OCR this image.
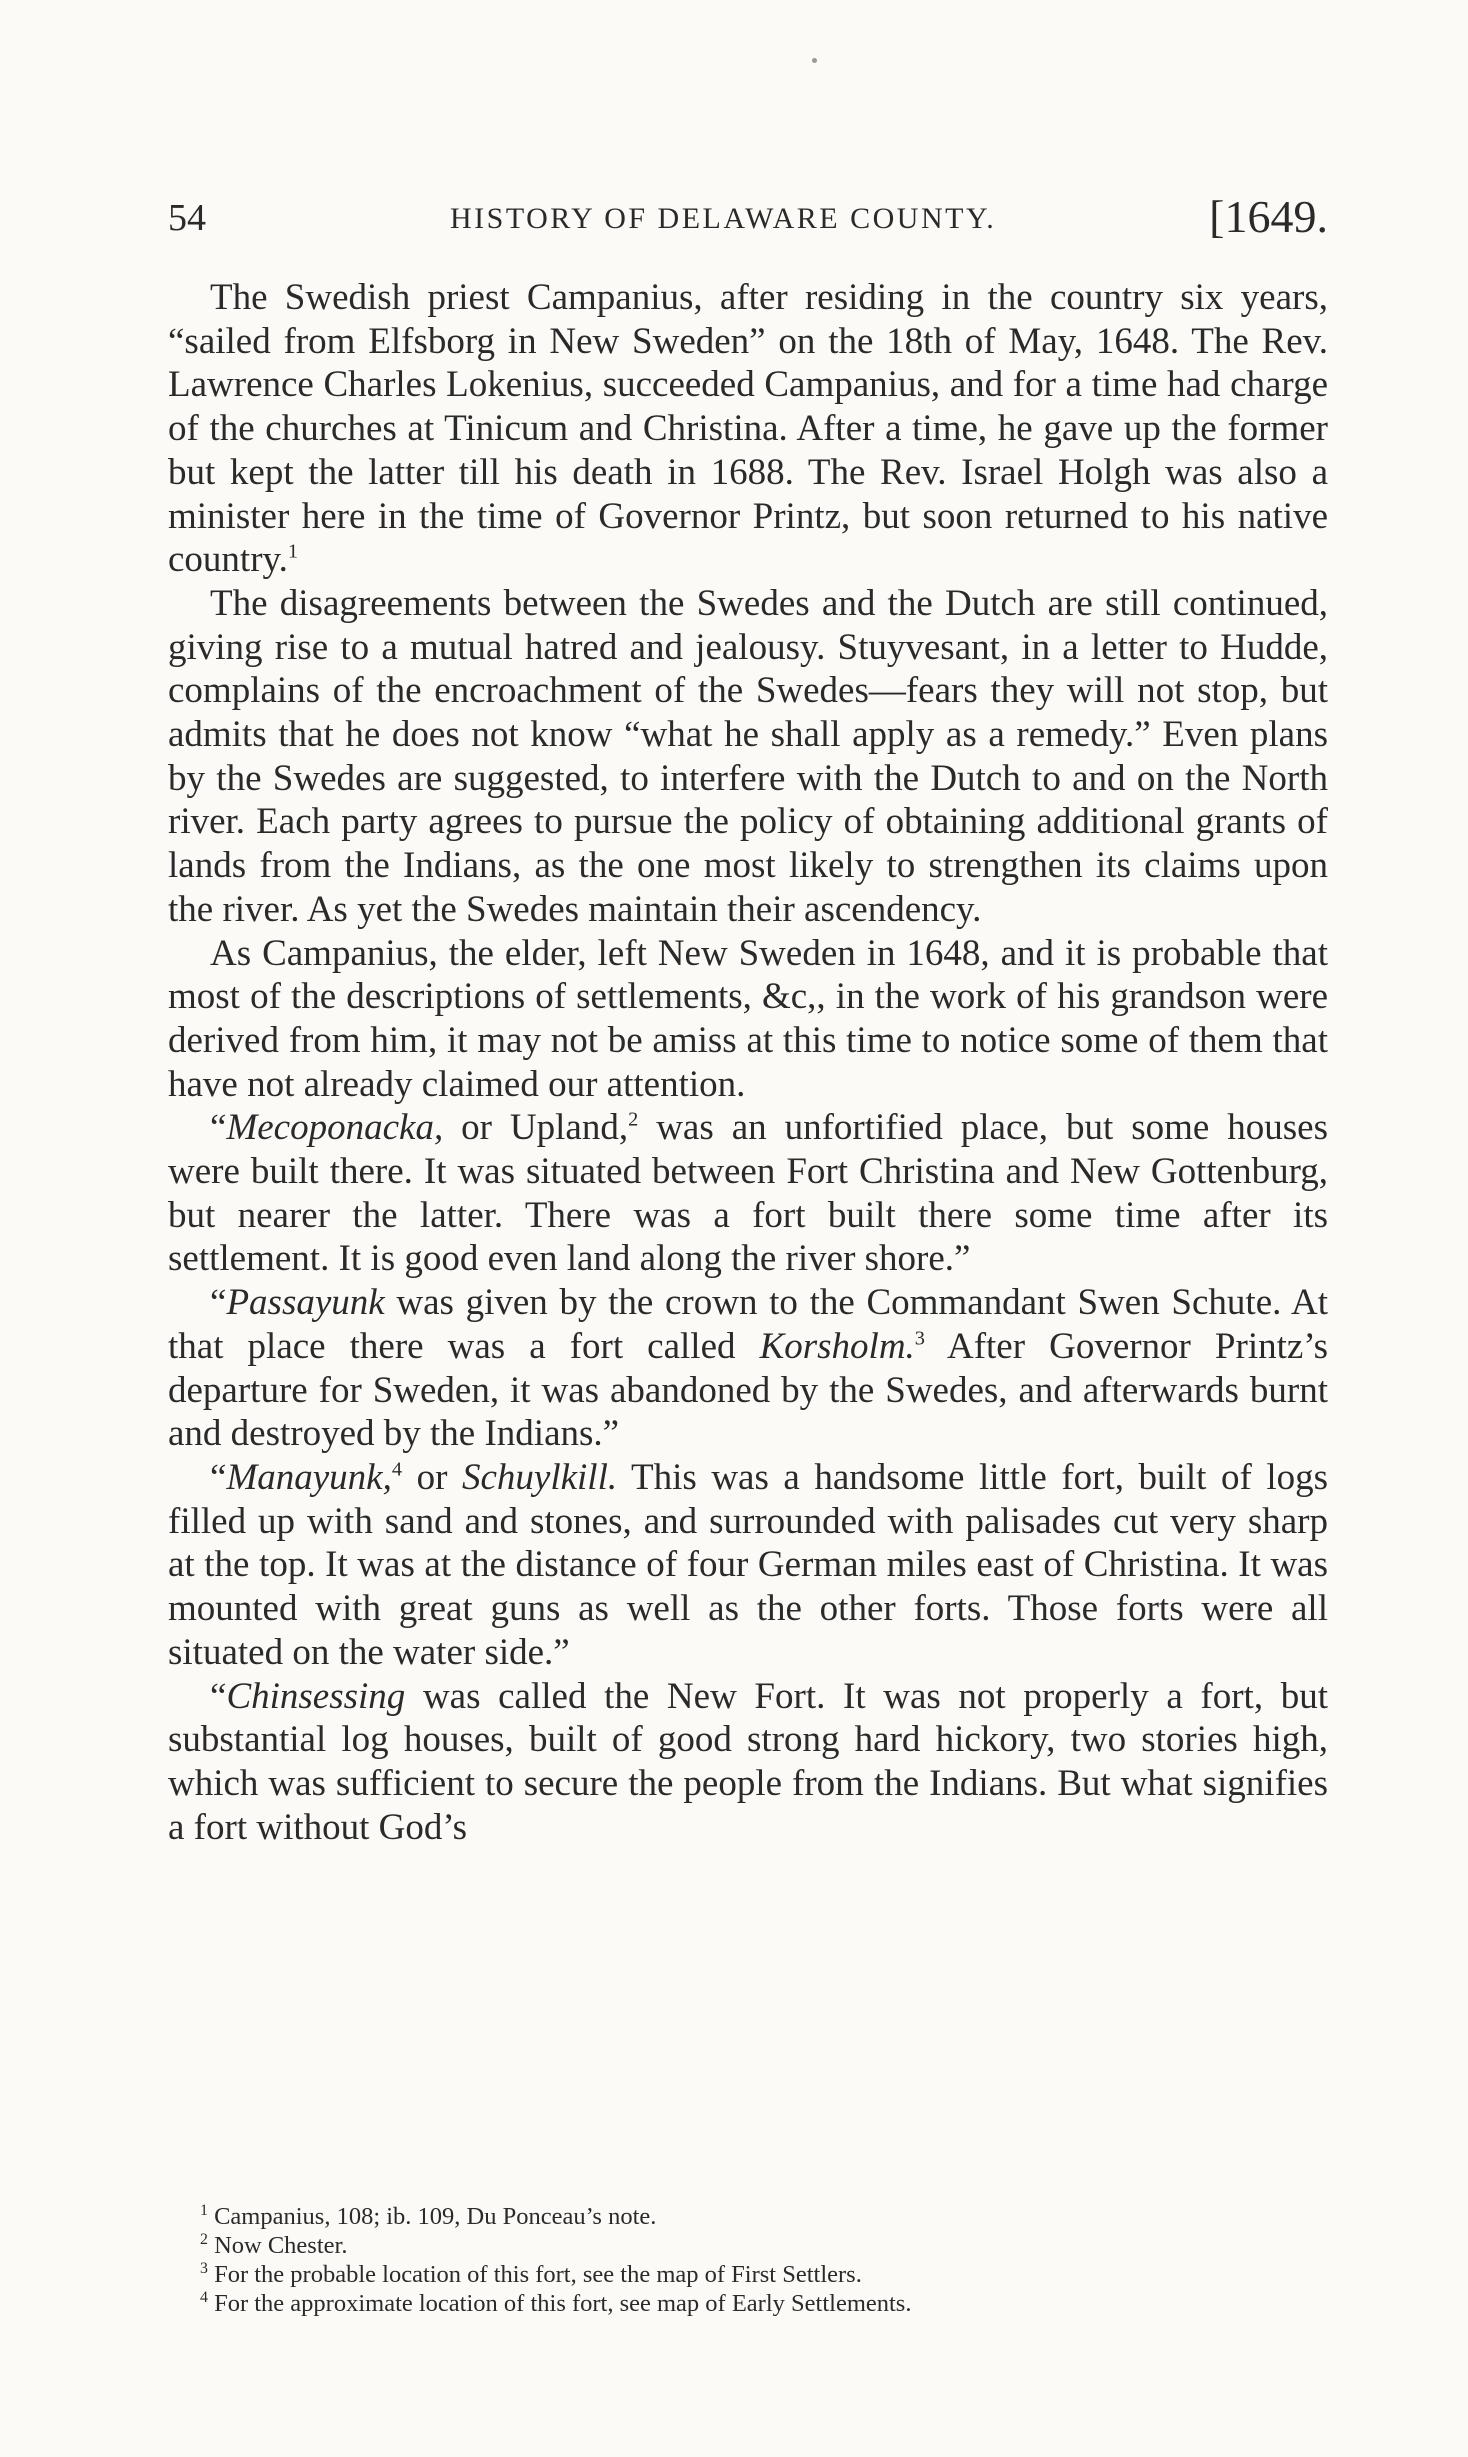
54	HISTORY OF DELAWARE COUNTY.	[1649.

The Swedish priest Campanius, after residing in the country six years, “sailed from Elfsborg in New Sweden” on the 18th of May, 1648. The Rev. Lawrence Charles Lokenius, succeeded Campanius, and for a time had charge of the churches at Tinicum and Christina. After a time, he gave up the former but kept the latter till his death in 1688. The Rev. Israel Holgh was also a minister here in the time of Governor Printz, but soon returned to his native country.$^1$

The disagreements between the Swedes and the Dutch are still continued, giving rise to a mutual hatred and jealousy. Stuyvesant, in a letter to Hudde, complains of the encroachment of the Swedes—fears they will not stop, but admits that he does not know “what he shall apply as a remedy.” Even plans by the Swedes are suggested, to interfere with the Dutch to and on the North river. Each party agrees to pursue the policy of obtaining additional grants of lands from the Indians, as the one most likely to strengthen its claims upon the river. As yet the Swedes maintain their ascendency.

As Campanius, the elder, left New Sweden in 1648, and it is probable that most of the descriptions of settlements, &c,, in the work of his grandson were derived from him, it may not be amiss at this time to notice some of them that have not already claimed our attention.

“Mecoponacka, or Upland,$^2$ was an unfortified place, but some houses were built there. It was situated between Fort Christina and New Gottenburg, but nearer the latter. There was a fort built there some time after its settlement. It is good even land along the river shore.”

“Passayunk was given by the crown to the Commandant Swen Schute. At that place there was a fort called Korsholm.$^3$ After Governor Printz’s departure for Sweden, it was abandoned by the Swedes, and afterwards burnt and destroyed by the Indians.”

“Manayunk,$^4$ or Schuylkill. This was a handsome little fort, built of logs filled up with sand and stones, and surrounded with palisades cut very sharp at the top. It was at the distance of four German miles east of Christina. It was mounted with great guns as well as the other forts. Those forts were all situated on the water side.”

“Chinsessing was called the New Fort. It was not properly a fort, but substantial log houses, built of good strong hard hickory, two stories high, which was sufficient to secure the people from the Indians. But what signifies a fort without God’s

$^1$ Campanius, 108; ib. 109, Du Ponceau’s note.
$^2$ Now Chester.
$^3$ For the probable location of this fort, see the map of First Settlers.
$^4$ For the approximate location of this fort, see map of Early Settlements.
